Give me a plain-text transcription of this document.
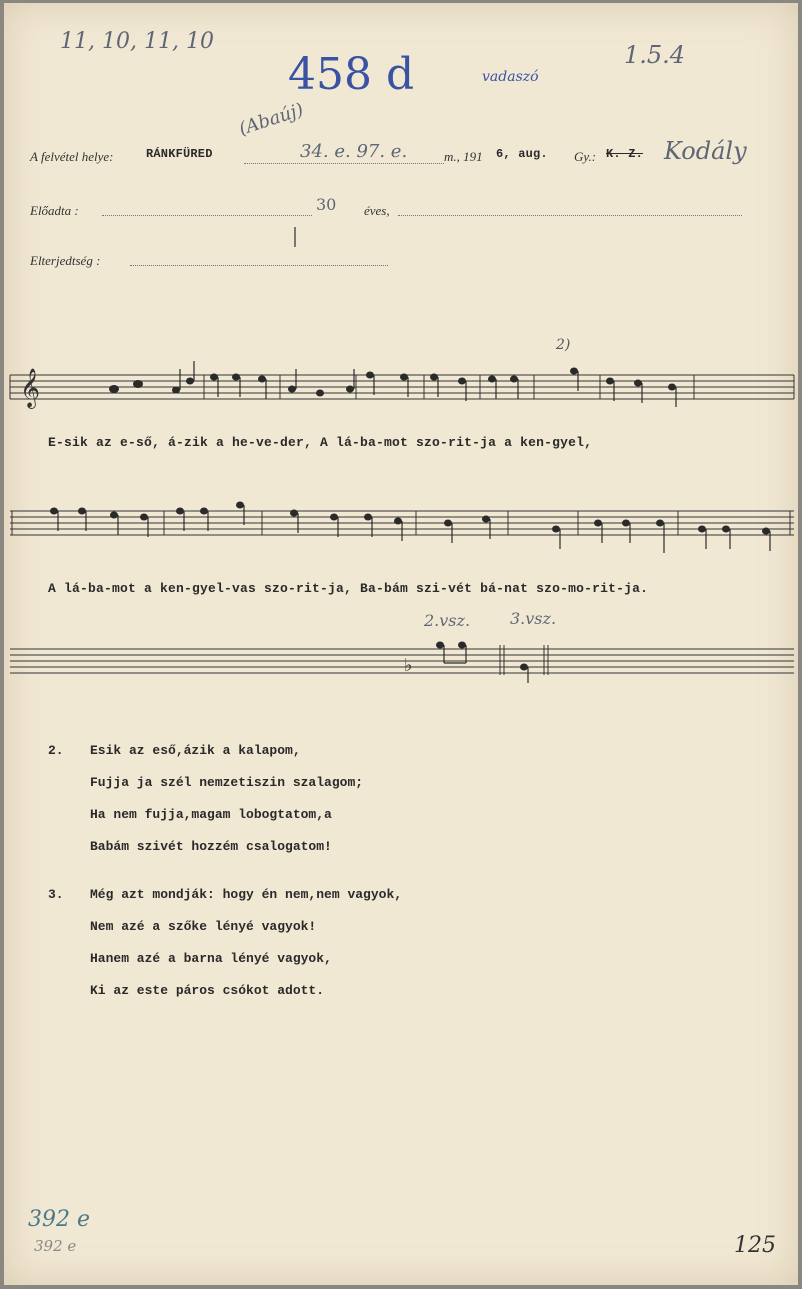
11, 10, 11, 10
458 d	vadaszó
1.5.4
A felvétel helye:	RÁNKFÜRED
(Abaúj)
34. e. 97. e.	m., 191 6, aug. Gy.: K. Z. Kodály
Előadta :	30 éves,
Elterjedtség :
𝄞
2)
E-sik az e-ső, á-zik a he-ve-der, A lá-ba-mot szo-rit-ja a ken-gyel,
A lá-ba-mot a ken-gyel-vas szo-rit-ja, Ba-bám szi-vét bá-nat szo-mo-rit-ja.
2.vsz. 3.vsz.
♭
2. Esik az eső,ázik a kalapom,
Fujja ja szél nemzetiszin szalagom;
Ha nem fujja,magam lobogtatom,a
Babám szivét hozzém csalogatom!
3. Még azt mondják: hogy én nem,nem vagyok,
Nem azé a szőke lényé vagyok!
Hanem azé a barna lényé vagyok,
Ki az este páros csókot adott.
392 e
392 e	125
